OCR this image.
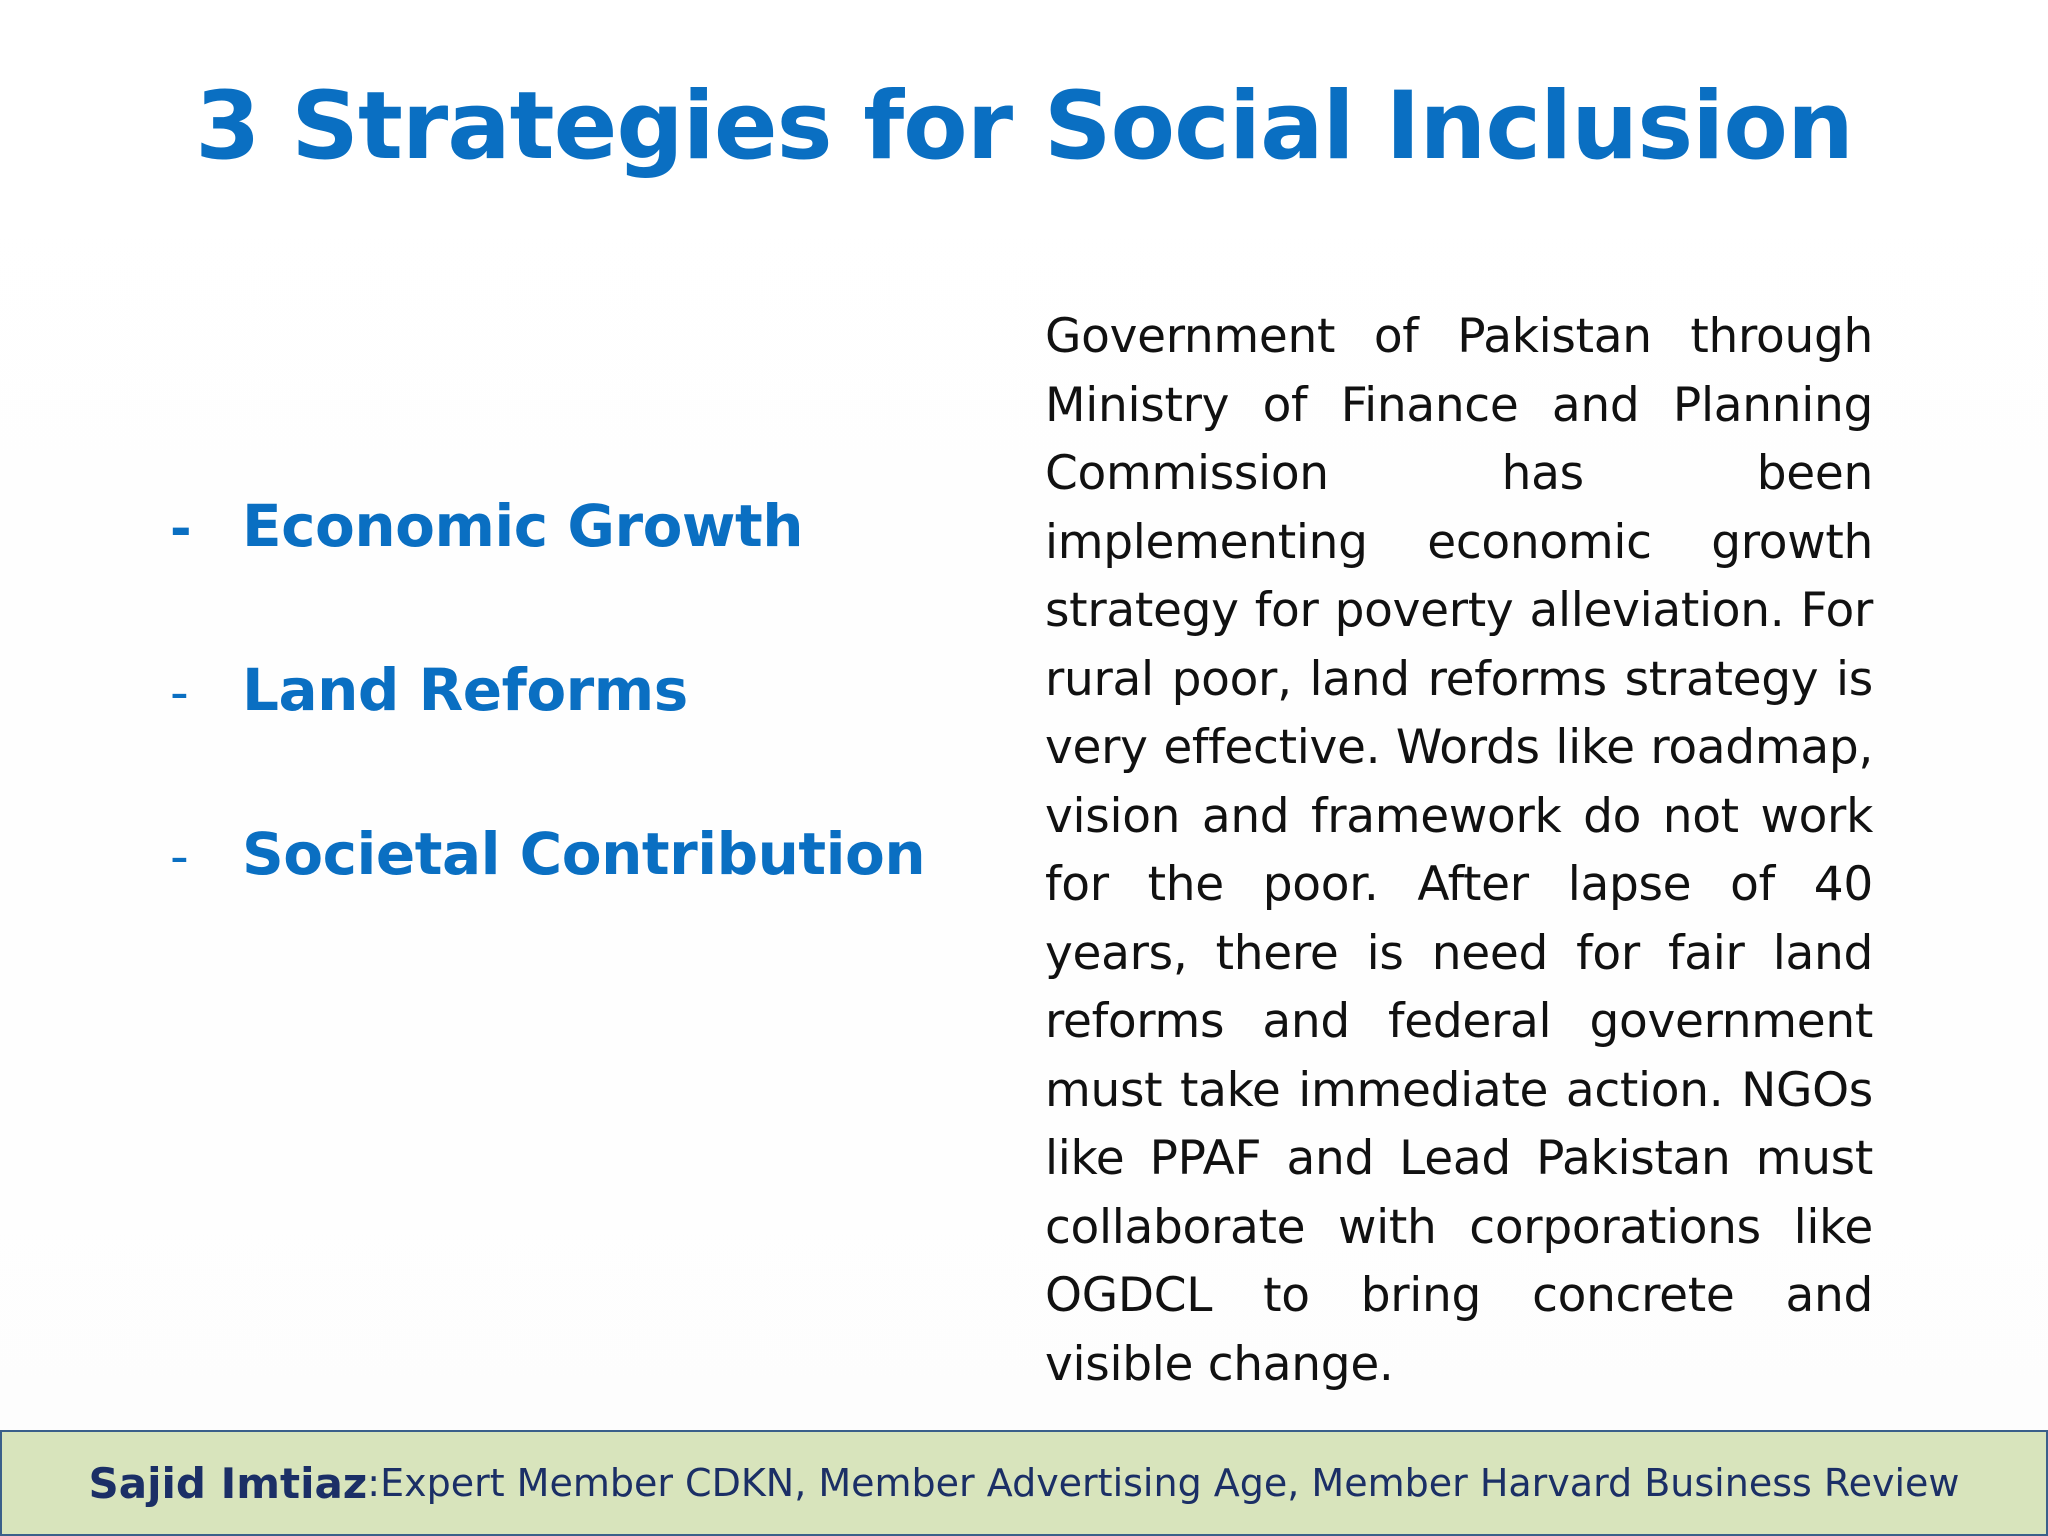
3 Strategies for Social Inclusion
- Economic Growth
- Land Reforms
- Societal Contribution

Government of Pakistan through Ministry of Finance and Planning Commission has been implementing economic growth strategy for poverty alleviation. For rural poor, land reforms strategy is very effective. Words like roadmap, vision and framework do not work for the poor. After lapse of 40 years, there is need for fair land reforms and federal government must take immediate action. NGOs like PPAF and Lead Pakistan must collaborate with corporations like OGDCL to bring concrete and visible change.

Sajid Imtiaz : Expert Member CDKN, Member Advertising Age, Member Harvard Business Review
